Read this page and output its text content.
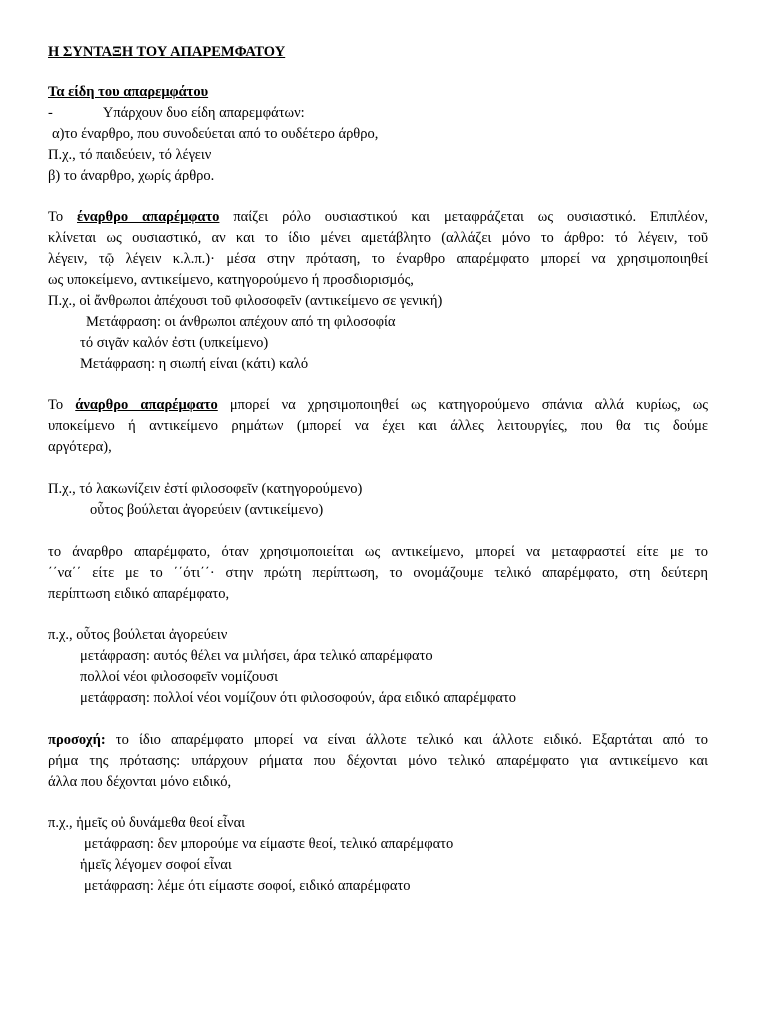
Η ΣΥΝΤΑΞΗ ΤΟΥ ΑΠΑΡΕΜΦΑΤΟΥ
Τα είδη του απαρεμφάτου
-	Υπάρχουν δυο είδη απαρεμφάτων:
α)το έναρθρο, που συνοδεύεται από το ουδέτερο άρθρο,
Π.χ., τό παιδεύειν, τό λέγειν
β) το άναρθρο, χωρίς άρθρο.
Το έναρθρο απαρέμφατο παίζει ρόλο ουσιαστικού και μεταφράζεται ως ουσιαστικό. Επιπλέον,
κλίνεται ως ουσιαστικό, αν και το ίδιο μένει αμετάβλητο (αλλάζει μόνο το άρθρο: τό λέγειν, τοῦ
λέγειν, τῷ λέγειν κ.λ.π.)· μέσα στην πρόταση, το έναρθρο απαρέμφατο μπορεί να χρησιμοποιηθεί
ως υποκείμενο, αντικείμενο, κατηγορούμενο ή προσδιορισμός,
Π.χ., οἱ ἄνθρωποι ἀπέχουσι τοῦ φιλοσοφεῖν (αντικείμενο σε γενική)
Μετάφραση: οι άνθρωποι απέχουν από τη φιλοσοφία
τό σιγᾶν καλόν ἐστι (υπκείμενο)
Μετάφραση: η σιωπή είναι (κάτι) καλό
Το άναρθρο απαρέμφατο μπορεί να χρησιμοποιηθεί ως κατηγορούμενο σπάνια αλλά κυρίως, ως
υποκείμενο ή αντικείμενο ρημάτων (μπορεί να έχει και άλλες λειτουργίες, που θα τις δούμε
αργότερα),
Π.χ., τό λακωνίζειν ἐστί φιλοσοφεῖν (κατηγορούμενο)
οὗτος βούλεται ἀγορεύειν (αντικείμενο)
το άναρθρο απαρέμφατο, όταν χρησιμοποιείται ως αντικείμενο, μπορεί να μεταφραστεί είτε με το
΄΄να΄΄ είτε με το ΄΄ότι΄΄· στην πρώτη περίπτωση, το ονομάζουμε τελικό απαρέμφατο, στη δεύτερη
περίπτωση ειδικό απαρέμφατο,
π.χ., οὗτος βούλεται ἀγορεύειν
μετάφραση: αυτός θέλει να μιλήσει, άρα τελικό απαρέμφατο
πολλοί νέοι φιλοσοφεῖν νομίζουσι
μετάφραση: πολλοί νέοι νομίζουν ότι φιλοσοφούν, άρα ειδικό απαρέμφατο
προσοχή: το ίδιο απαρέμφατο μπορεί να είναι άλλοτε τελικό και άλλοτε ειδικό. Εξαρτάται από το
ρήμα της πρότασης: υπάρχουν ρήματα που δέχονται μόνο τελικό απαρέμφατο για αντικείμενο και
άλλα που δέχονται μόνο ειδικό,
π.χ., ἡμεῖς οὐ δυνάμεθα θεοί εἶναι
μετάφραση: δεν μπορούμε να είμαστε θεοί, τελικό απαρέμφατο
ἡμεῖς λέγομεν σοφοί εἶναι
μετάφραση: λέμε ότι είμαστε σοφοί, ειδικό απαρέμφατο
